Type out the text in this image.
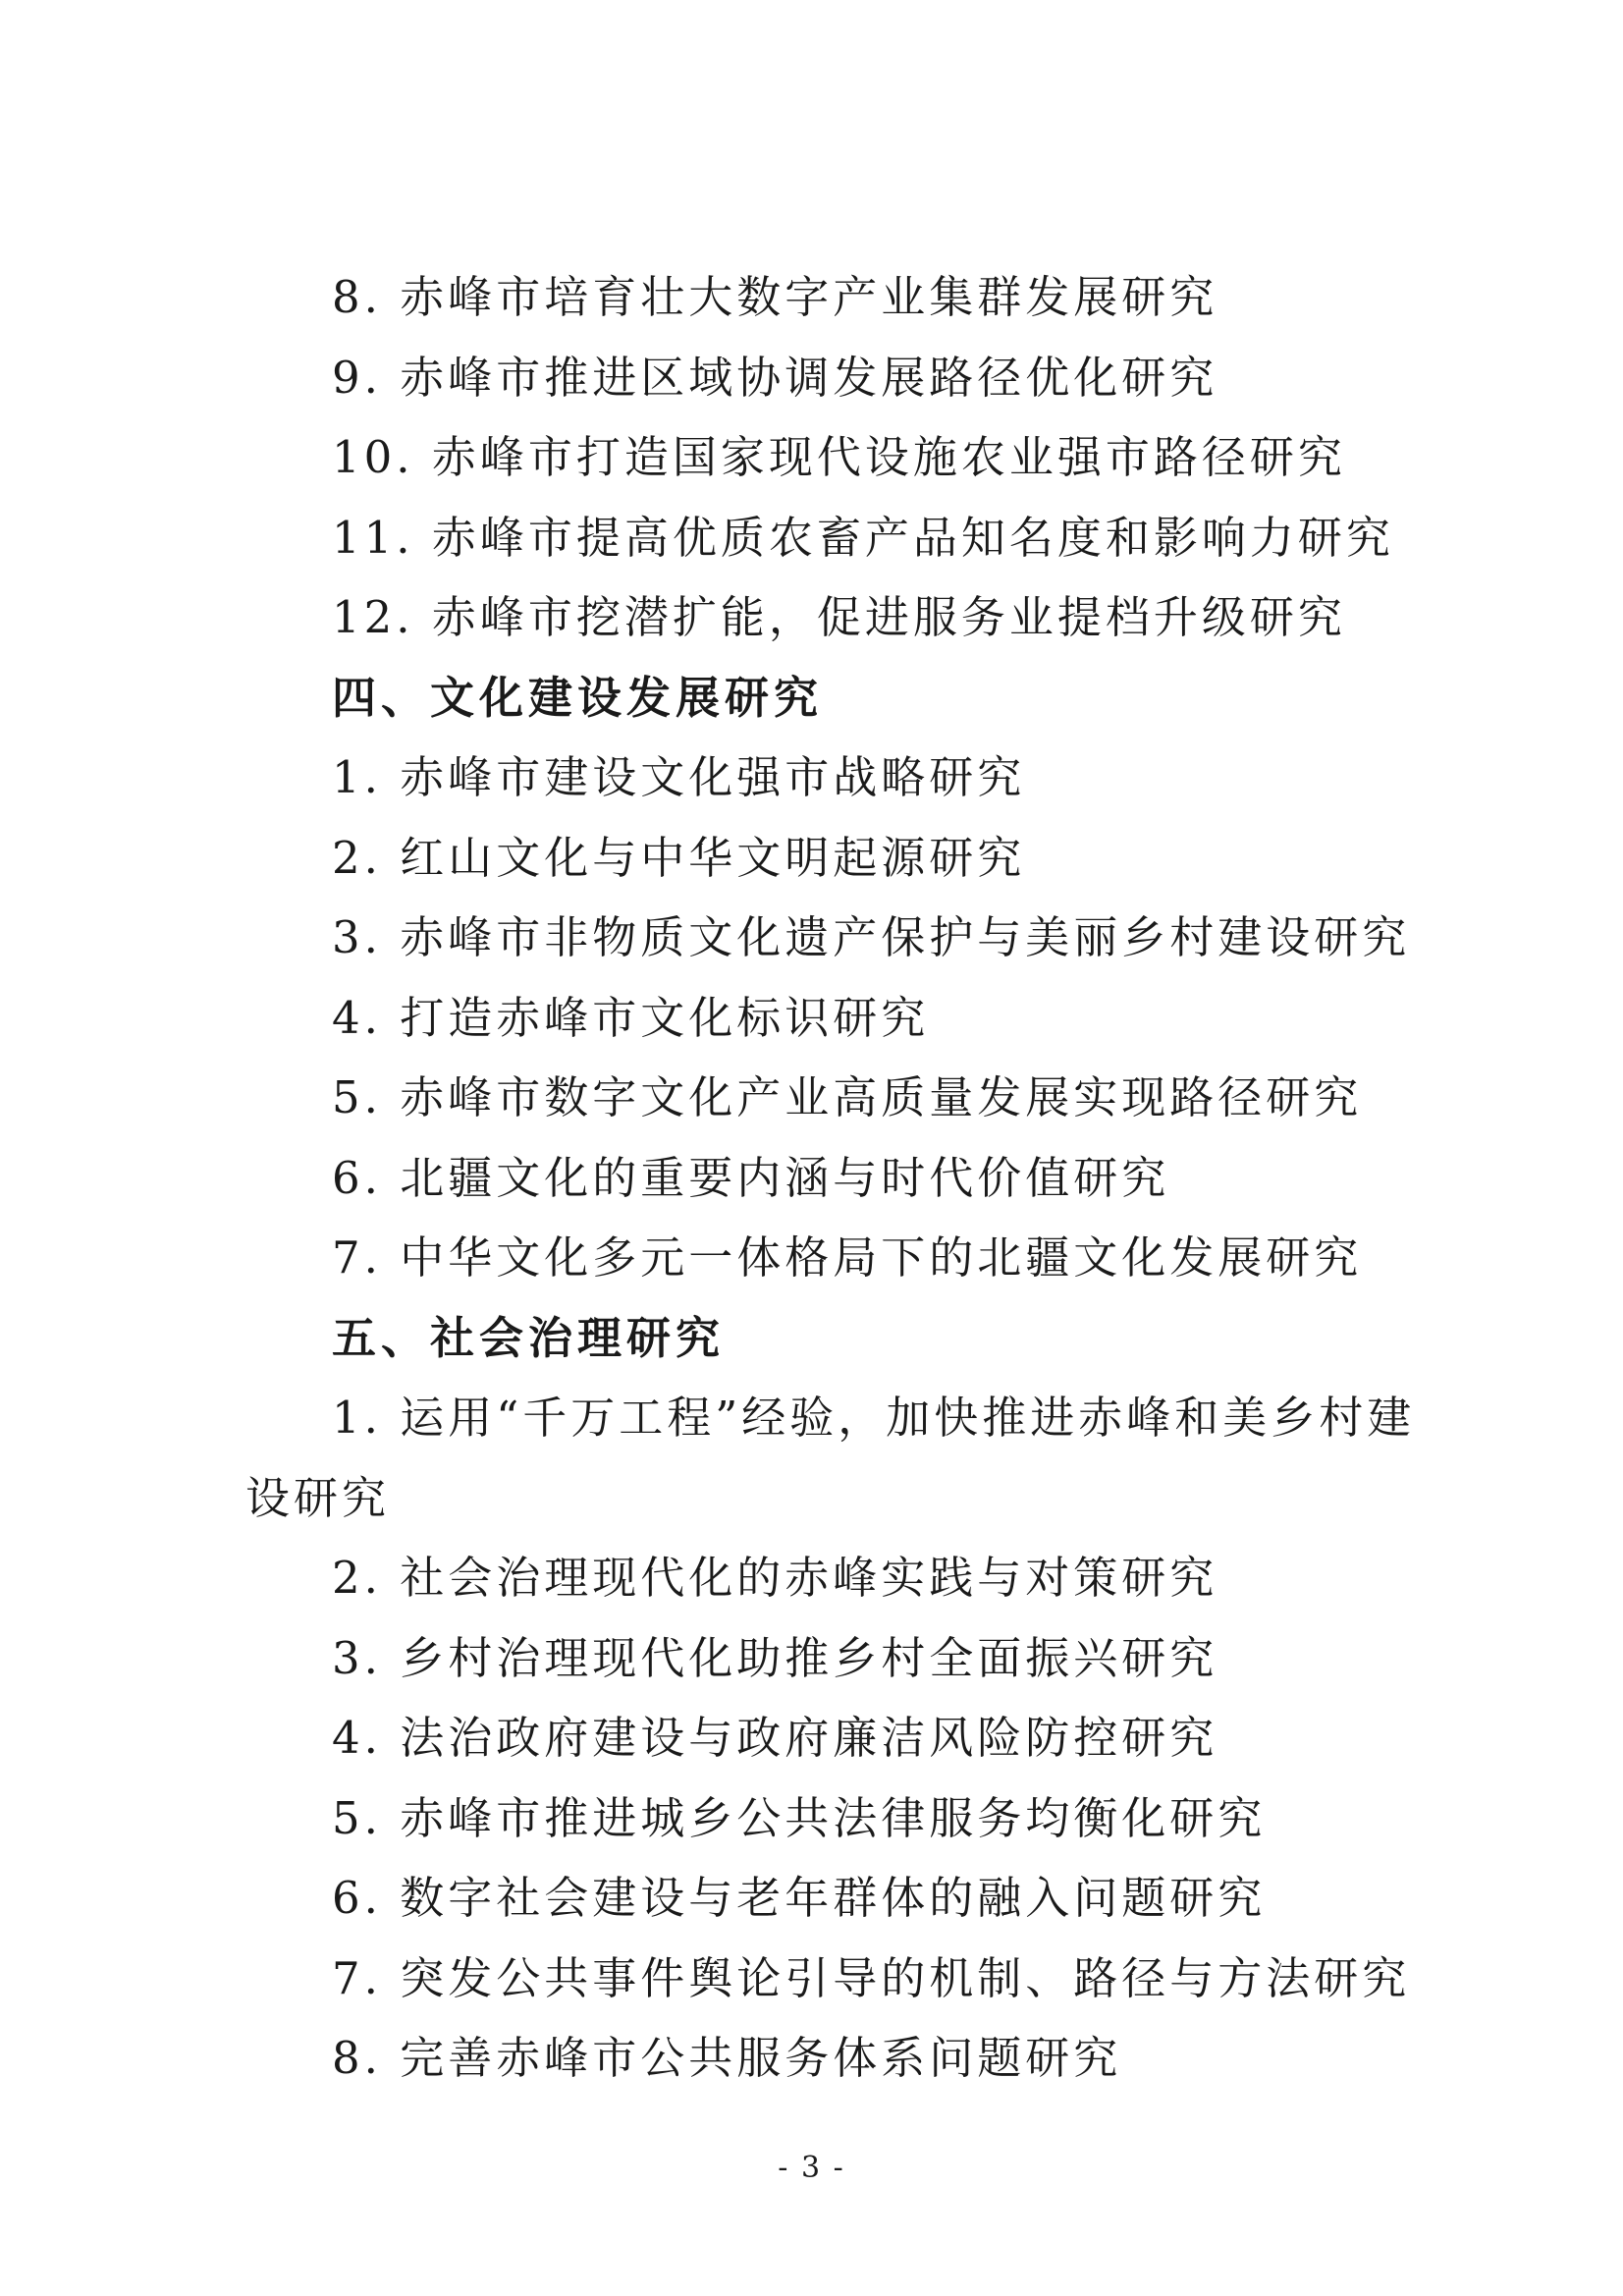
8. 赤峰市培育壮大数字产业集群发展研究
9. 赤峰市推进区域协调发展路径优化研究
10. 赤峰市打造国家现代设施农业强市路径研究
11. 赤峰市提高优质农畜产品知名度和影响力研究
12. 赤峰市挖潜扩能，促进服务业提档升级研究
四、文化建设发展研究
1. 赤峰市建设文化强市战略研究
2. 红山文化与中华文明起源研究
3. 赤峰市非物质文化遗产保护与美丽乡村建设研究
4. 打造赤峰市文化标识研究
5. 赤峰市数字文化产业高质量发展实现路径研究
6. 北疆文化的重要内涵与时代价值研究
7. 中华文化多元一体格局下的北疆文化发展研究
五、社会治理研究
1. 运用“千万工程”经验，加快推进赤峰和美乡村建
设研究
2. 社会治理现代化的赤峰实践与对策研究
3. 乡村治理现代化助推乡村全面振兴研究
4. 法治政府建设与政府廉洁风险防控研究
5. 赤峰市推进城乡公共法律服务均衡化研究
6. 数字社会建设与老年群体的融入问题研究
7. 突发公共事件舆论引导的机制、路径与方法研究
8. 完善赤峰市公共服务体系问题研究
- 3 -
